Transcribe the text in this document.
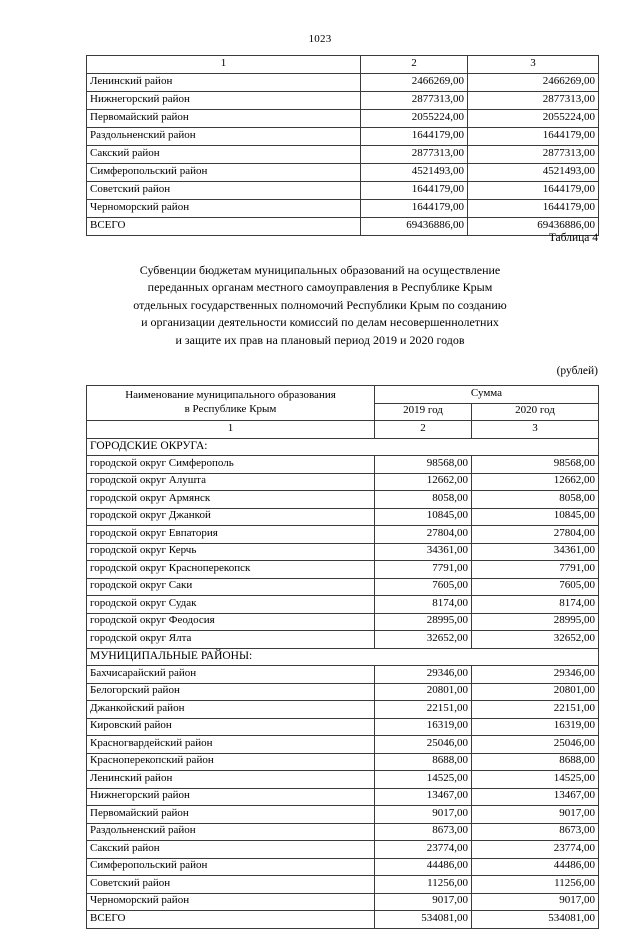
1023
1	2	3
Ленинский район	2466269,00	2466269,00
Нижнегорский район	2877313,00	2877313,00
Первомайский район	2055224,00	2055224,00
Раздольненский район	1644179,00	1644179,00
Сакский район	2877313,00	2877313,00
Симферопольский район	4521493,00	4521493,00
Советский район	1644179,00	1644179,00
Черноморский район	1644179,00	1644179,00
ВСЕГО	69436886,00	69436886,00
Таблица 4
Субвенции бюджетам муниципальных образований на осуществление
переданных органам местного самоуправления в Республике Крым
отдельных государственных полномочий Республики Крым по созданию
и организации деятельности комиссий по делам несовершеннолетних
и защите их прав на плановый период 2019 и 2020 годов
(рублей)
Наименование муниципального образования
в Республике Крым	Сумма	
	2019 год	2020 год
1	2	3
ГОРОДСКИЕ ОКРУГА:		
городской округ Симферополь	98568,00	98568,00
городской округ Алушта	12662,00	12662,00
городской округ Армянск	8058,00	8058,00
городской округ Джанкой	10845,00	10845,00
городской округ Евпатория	27804,00	27804,00
городской округ Керчь	34361,00	34361,00
городской округ Красноперекопск	7791,00	7791,00
городской округ Саки	7605,00	7605,00
городской округ Судак	8174,00	8174,00
городской округ Феодосия	28995,00	28995,00
городской округ Ялта	32652,00	32652,00
МУНИЦИПАЛЬНЫЕ РАЙОНЫ:		
Бахчисарайский район	29346,00	29346,00
Белогорский район	20801,00	20801,00
Джанкойский район	22151,00	22151,00
Кировский район	16319,00	16319,00
Красногвардейский район	25046,00	25046,00
Красноперекопский район	8688,00	8688,00
Ленинский район	14525,00	14525,00
Нижнегорский район	13467,00	13467,00
Первомайский район	9017,00	9017,00
Раздольненский район	8673,00	8673,00
Сакский район	23774,00	23774,00
Симферопольский район	44486,00	44486,00
Советский район	11256,00	11256,00
Черноморский район	9017,00	9017,00
ВСЕГО	534081,00	534081,00
